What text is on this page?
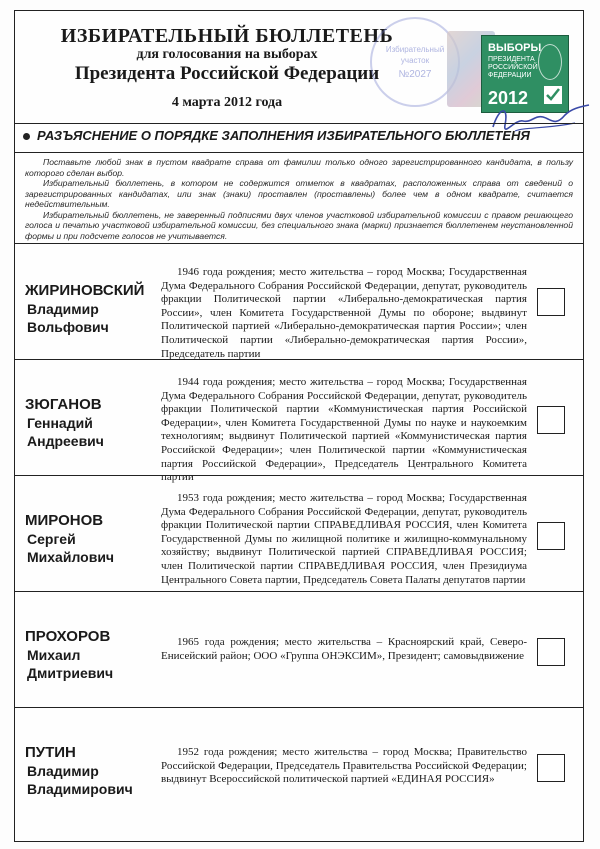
ИЗБИРАТЕЛЬНЫЙ БЮЛЛЕТЕНЬ
для голосования на выборах
Президента Российской Федерации
4 марта 2012 года
Избирательный
участок
№2027
ВЫБОРЫ
ПРЕЗИДЕНТА РОССИЙСКОЙ ФЕДЕРАЦИИ
2012
РАЗЪЯСНЕНИЕ О ПОРЯДКЕ ЗАПОЛНЕНИЯ ИЗБИРАТЕЛЬНОГО БЮЛЛЕТЕНЯ

Поставьте любой знак в пустом квадрате справа от фамилии только одного зарегистрированного кандидата, в пользу которого сделан выбор.

Избирательный бюллетень, в котором не содержится отметок в квадратах, расположенных справа от сведений о зарегистрированных кандидатах, или знак (знаки) проставлен (проставлены) более чем в одном квадрате, считается недействительным.

Избирательный бюллетень, не заверенный подписями двух членов участковой избирательной комиссии с правом решающего голоса и печатью участковой избирательной комиссии, без специального знака (марки) признается бюллетенем неустановленной формы и при подсчете голосов не учитывается.

ЖИРИНОВСКИЙ
Владимир
Вольфович
1946 года рождения; место жительства – город Москва; Государственная Дума Федерального Собрания Российской Федерации, депутат, руководитель фракции Политической партии «Либерально-демократическая партия России», член Комитета Государственной Думы по обороне; выдвинут Политической партией «Либерально-демократическая партия России»; член Политической партии «Либерально-демократическая партия России», Председатель партии
ЗЮГАНОВ
Геннадий
Андреевич
1944 года рождения; место жительства – город Москва; Государственная Дума Федерального Собрания Российской Федерации, депутат, руководитель фракции Политической партии «Коммунистическая партия Российской Федерации», член Комитета Государственной Думы по науке и наукоемким технологиям; выдвинут Политической партией «Коммунистическая партия Российской Федерации»; член Политической партии «Коммунистическая партия Российской Федерации», Председатель Центрального Комитета партии
МИРОНОВ
Сергей
Михайлович
1953 года рождения; место жительства – город Москва; Государственная Дума Федерального Собрания Российской Федерации, депутат, руководитель фракции Политической партии СПРАВЕДЛИВАЯ РОССИЯ, член Комитета Государственной Думы по жилищной политике и жилищно-коммунальному хозяйству; выдвинут Политической партией СПРАВЕДЛИВАЯ РОССИЯ; член Политической партии СПРАВЕДЛИВАЯ РОССИЯ, член Президиума Центрального Совета партии, Председатель Совета Палаты депутатов партии
ПРОХОРОВ
Михаил
Дмитриевич
1965 года рождения; место жительства – Красноярский край, Северо-Енисейский район; ООО «Группа ОНЭКСИМ», Президент; самовыдвижение
ПУТИН
Владимир
Владимирович
1952 года рождения; место жительства – город Москва; Правительство Российской Федерации, Председатель Правительства Российской Федерации; выдвинут Всероссийской политической партией «ЕДИНАЯ РОССИЯ»
